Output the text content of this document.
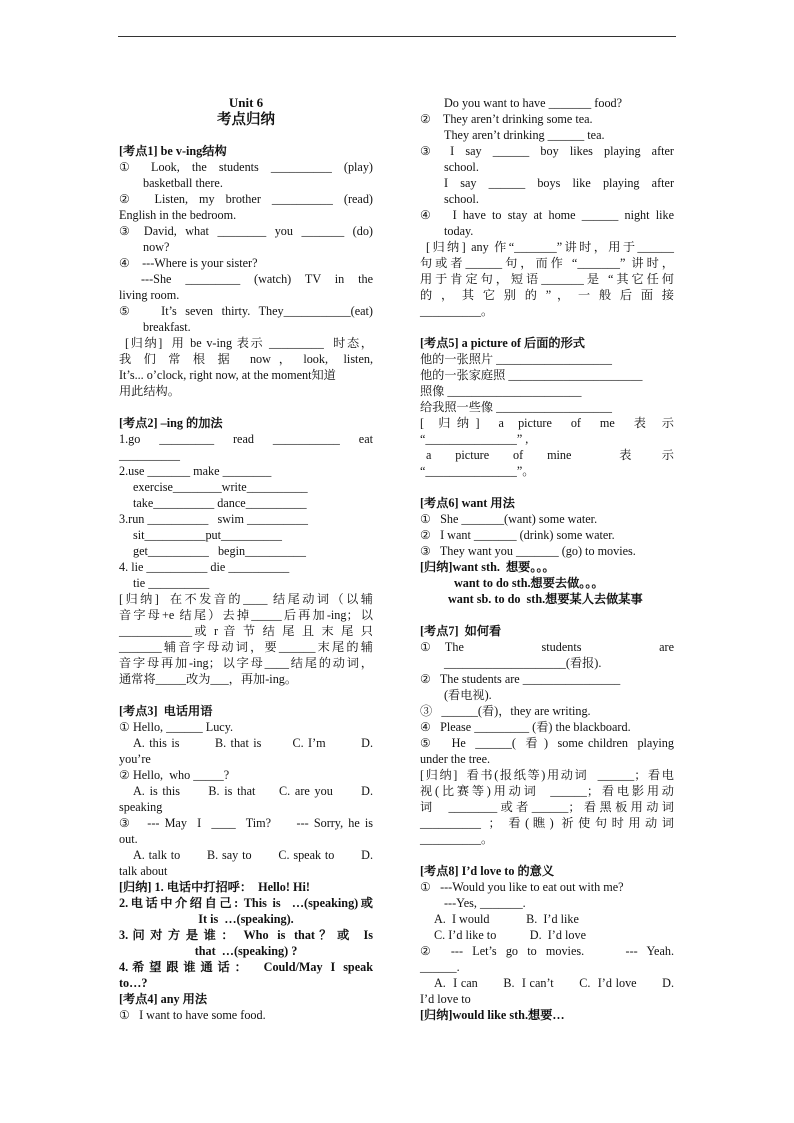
Unit 6
考点归纳
[考点1] be v-ing结构
①   Look,  the  students  __________  (play)
basketball there.
②    Listen,  my  brother  __________  (read)
English in the bedroom.
③   David,  what  ________  you  _______  (do)
now?
④    ---Where is your sister?
---She   _________   (watch)   TV   in   the
living room.
⑤   It’s seven thirty. They___________(eat)
breakfast.
[归纳]  用 be v-ing 表示 _________  时态，
我 们 常 根 据  now ， look,  listen,
It’s... o’clock, right now, at the moment知道
用此结构。
[考点2] –ing 的加法
1.go   _________   read   ___________   eat
__________
2.use _______ make ________
exercise________write__________
take__________ dance__________
3.run __________   swim __________
sit__________put__________
get__________   begin__________
4. lie __________ die __________
tie __________
[归纳]  在不发音的____ 结尾动词（以辅
音字母+e 结尾）去掉_____后再加-ing；以
____________或 r 音 节 结 尾 且 末 尾 只
_______辅音字母动词，要______末尾的辅
音字母再加-ing；以字母____结尾的动词，
通常将_____改为___，再加-ing。
[考点3]  电话用语
① Hello, ______ Lucy.
A. this is        B. that is       C. I’m        D.
you’re
② Hello,  who _____?
A. is this      B. is that     C. are you      D.
speaking
③   --- May  I  ____  Tim?     --- Sorry, he is
out.
A. talk to       B. say to       C. speak to       D.
talk about
[归纳] 1. 电话中打招呼：  Hello! Hi!
2.电话中介绍自己: This is  …(speaking)或
It is  …(speaking).
3. 问 对 方 是 谁 ：  Who  is  that ？ 或   Is
that  …(speaking) ?
4. 希 望 跟 谁 通 话 ：    Could/May  I  speak
to…?
[考点4] any 用法
①   I want to have some food.
Do you want to have _______ food?
②    They aren’t drinking some tea.
They aren’t drinking ______ tea.
③   I  say  ______  boy  likes  playing  after
school.
I  say  ______  boys  like  playing  after
school.
④   I have to stay at home ______ night like
today.
[归纳] any 作“_______”讲时，用于______
句或者______句，而作 “_______” 讲时，
用于肯定句，短语_______是 “其它任何
的 ， 其 它 别 的 ” ， 一 般 后 面 接
__________。
[考点5] a picture of 后面的形式
他的一张照片 ___________________
他的一张家庭照 ______________________
照像 ______________________
给我照一些像 ___________________
[   归 纳 ]    a   picture    of    me    表   示
“_______________” ,
a     picture     of     mine          表      示
“_______________”。
[考点6] want 用法
①   She _______(want) some water.
②   I want _______ (drink) some water.
③   They want you _______ (go) to movies.
[归纳]want sth.  想要。。。
want to do sth.想要去做。。。
want sb. to do  sth.想要某人去做某事
[考点7]  如何看
①   The                  students                  are
____________________(看报).
②   The students are ________________
(看电视).
③   ______(看)，they are writing.
④   Please _________ (看) the blackboard.
⑤    He  ______(  看 )  some children  playing
under the tree.
[归纳]  看书(报纸等)用动词  ______；看电
视(比赛等)用动词  ______；看电影用动
词  ________或者______；看黑板用动词
__________  ；  看 ( 瞧 )  祈 使 句 时 用 动 词
__________。
[考点8] I’d love to 的意义
①   ---Would you like to eat out with me?
---Yes, _______.
A.  I would            B.  I’d like
C. I’d like to           D.  I’d love
②    ---  Let’s  go  to  movies.         ---  Yeah.
______.
A.  I can       B.  I can’t       C.  I’d love       D.
I’d love to
[归纳]would like sth.想要…
